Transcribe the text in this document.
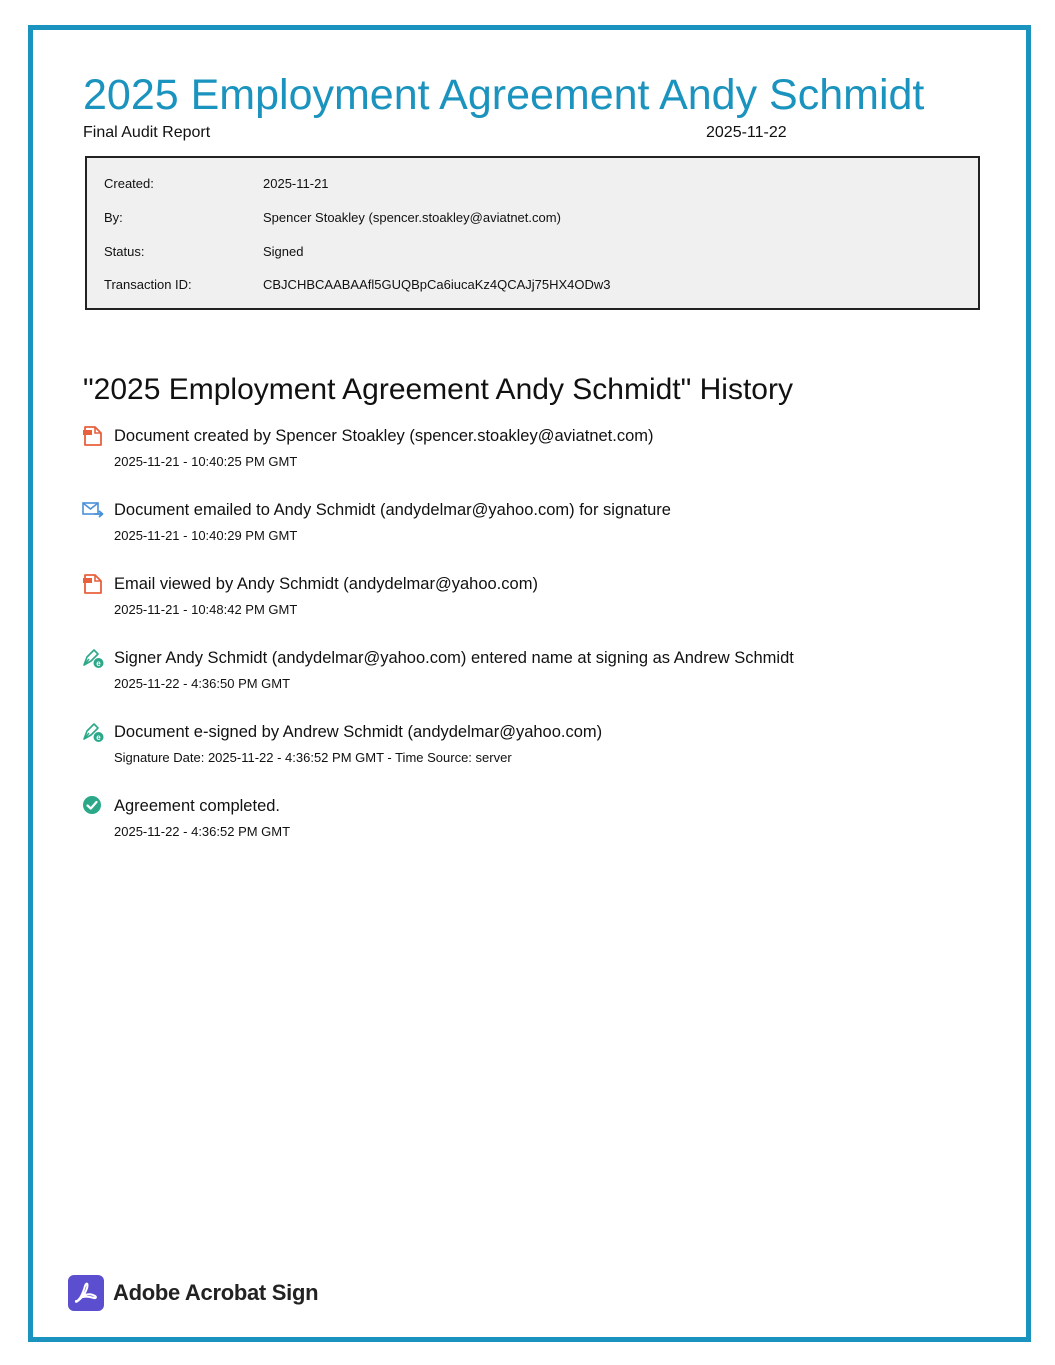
2025 Employment Agreement Andy Schmidt
Final Audit Report	2025-11-22
Created:	2025-11-21
By:	Spencer Stoakley (spencer.stoakley@aviatnet.com)
Status:	Signed
Transaction ID:	CBJCHBCAABAAfl5GUQBpCa6iucaKz4QCAJj75HX4ODw3
"2025 Employment Agreement Andy Schmidt" History
Document created by Spencer Stoakley (spencer.stoakley@aviatnet.com)
2025-11-21 - 10:40:25 PM GMT
Document emailed to Andy Schmidt (andydelmar@yahoo.com) for signature
2025-11-21 - 10:40:29 PM GMT
Email viewed by Andy Schmidt (andydelmar@yahoo.com)
2025-11-21 - 10:48:42 PM GMT
e Signer Andy Schmidt (andydelmar@yahoo.com) entered name at signing as Andrew Schmidt
2025-11-22 - 4:36:50 PM GMT
e Document e-signed by Andrew Schmidt (andydelmar@yahoo.com)
Signature Date: 2025-11-22 - 4:36:52 PM GMT - Time Source: server
Agreement completed.
2025-11-22 - 4:36:52 PM GMT
Adobe Acrobat Sign
